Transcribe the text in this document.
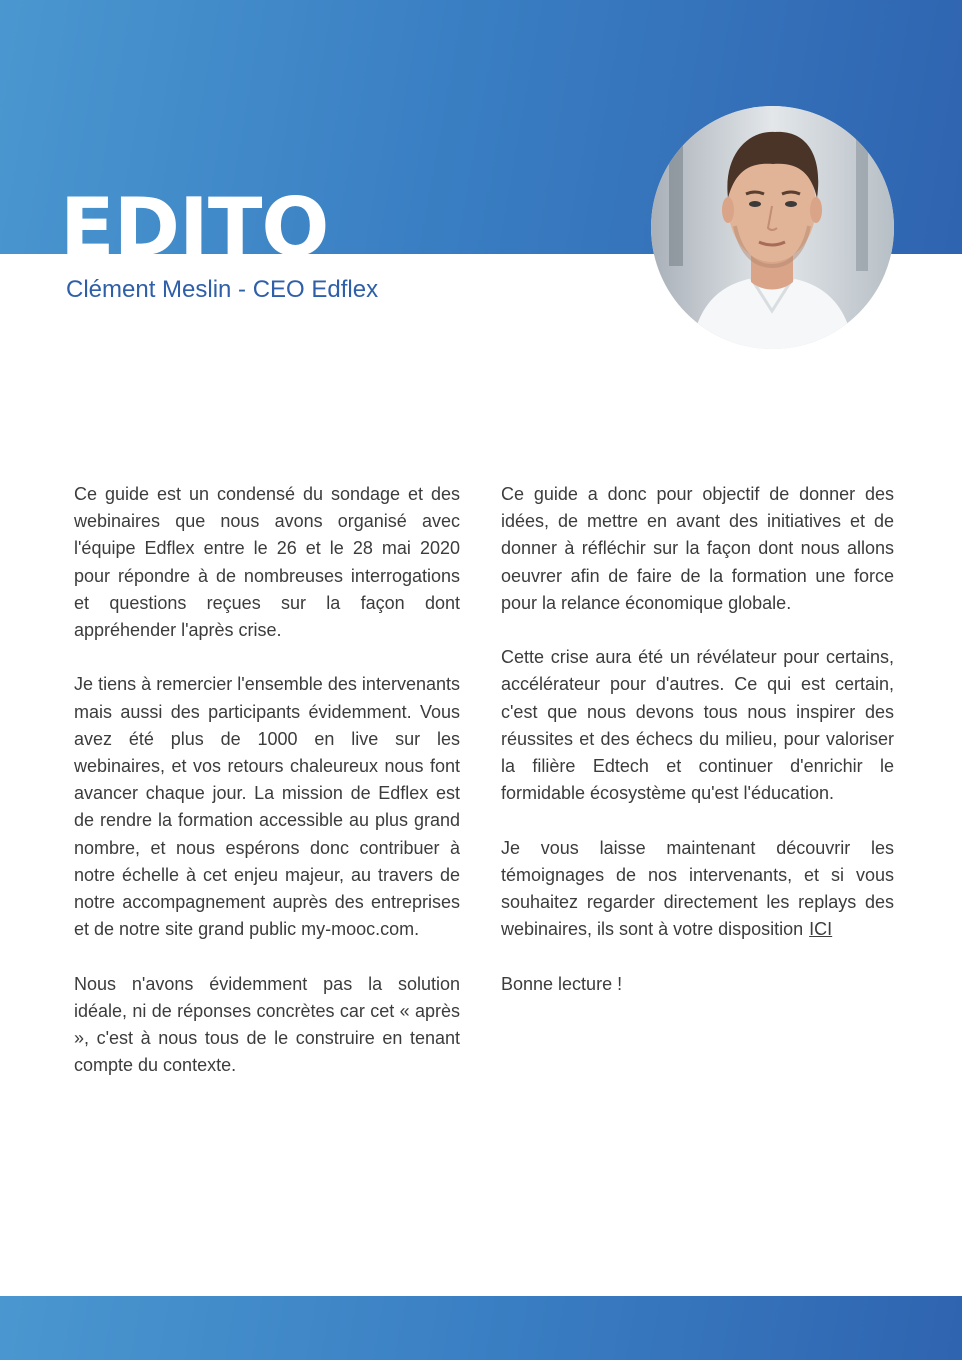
EDITO
Clément Meslin - CEO Edflex

Ce guide est un condensé du sondage et des webinaires que nous avons organisé avec l'équipe Edflex entre le 26 et le 28 mai 2020 pour répondre à de nombreuses interrogations et questions reçues sur la façon dont appréhender l'après crise.

Je tiens à remercier l'ensemble des intervenants mais aussi des participants évidemment. Vous avez été plus de 1000 en live sur les webinaires, et vos retours chaleureux nous font avancer chaque jour. La mission de Edflex est de rendre la formation accessible au plus grand nombre, et nous espérons donc contribuer à notre échelle à cet enjeu majeur, au travers de notre accompagnement auprès des entreprises et de notre site grand public my-mooc.com.

Nous n'avons évidemment pas la solution idéale, ni de réponses concrètes car cet « après », c'est à nous tous de le construire en tenant compte du contexte.

Ce guide a donc pour objectif de donner des idées, de mettre en avant des initiatives et de donner à réfléchir sur la façon dont nous allons oeuvrer afin de faire de la formation une force pour la relance économique globale.

Cette crise aura été un révélateur pour certains, accélérateur pour d'autres. Ce qui est certain, c'est que nous devons tous nous inspirer des réussites et des échecs du milieu, pour valoriser la filière Edtech et continuer d'enrichir le formidable écosystème qu'est l'éducation.

Je vous laisse maintenant découvrir les témoignages de nos intervenants, et si vous souhaitez regarder directement les replays des webinaires, ils sont à votre disposition ICI

Bonne lecture !
